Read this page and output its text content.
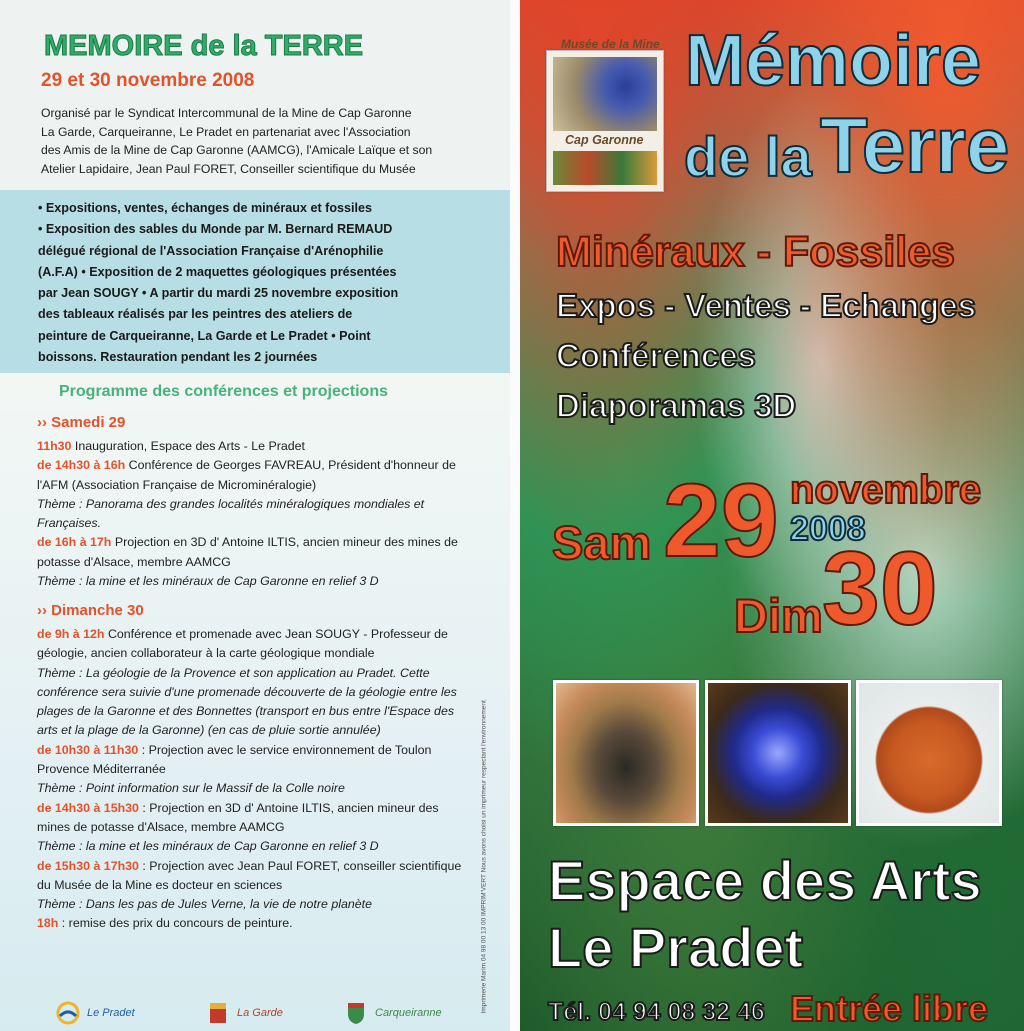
MEMOIRE de la TERRE
29 et 30 novembre 2008
Organisé par le Syndicat Intercommunal de la Mine de Cap Garonne
La Garde, Carqueiranne, Le Pradet en partenariat avec l'Association
des Amis de la Mine de Cap Garonne (AAMCG), l'Amicale Laïque et son
Atelier Lapidaire, Jean Paul FORET, Conseiller scientifique du Musée
• Expositions, ventes, échanges de minéraux et fossiles
• Exposition des sables du Monde par M. Bernard REMAUD
délégué régional de l'Association Française d'Arénophilie
(A.F.A) • Exposition de 2 maquettes géologiques présentées
par Jean SOUGY • A partir du mardi 25 novembre exposition
des tableaux réalisés par les peintres des ateliers de
peinture de Carqueiranne, La Garde et Le Pradet • Point
boissons. Restauration pendant les 2 journées
Programme des conférences et projections
›› Samedi 29
11h30 Inauguration, Espace des Arts - Le Pradet
de 14h30 à 16h Conférence de Georges FAVREAU, Président d'honneur de l'AFM (Association Française de Microminéralogie)
Thème : Panorama des grandes localités minéralogiques mondiales et Françaises.
de 16h à 17h Projection en 3D d' Antoine ILTIS, ancien mineur des mines de potasse d'Alsace, membre AAMCG
Thème : la mine et les minéraux de Cap Garonne en relief 3 D
›› Dimanche 30
de 9h à 12h Conférence et promenade avec Jean SOUGY - Professeur de géologie, ancien collaborateur à la carte géologique mondiale
Thème : La géologie de la Provence et son application au Pradet. Cette conférence sera suivie d'une promenade découverte de la géologie entre les plages de la Garonne et des Bonnettes (transport en bus entre l'Espace des arts et la plage de la Garonne) (en cas de pluie sortie annulée)
de 10h30 à 11h30 : Projection avec le service environnement de Toulon Provence Méditerranée
Thème : Point information sur le Massif de la Colle noire
de 14h30 à 15h30 : Projection en 3D d' Antoine ILTIS, ancien mineur des mines de potasse d'Alsace, membre AAMCG
Thème : la mine et les minéraux de Cap Garonne en relief 3 D
de 15h30 à 17h30 : Projection avec Jean Paul FORET, conseiller scientifique du Musée de la Mine es docteur en sciences
Thème : Dans les pas de Jules Verne, la vie de notre planète
18h : remise des prix du concours de peinture.	Imprimerie Marim 04 98 00 13 00 IMPRIM'VERT Nous avons choisi un imprimeur respectant l'environnement
Le Pradet	La Garde	Carqueiranne
Musée de la Mine
Cap Garonne
Mémoire
de la Terre
Minéraux - Fossiles
Expos - Ventes - Echanges
Conférences
Diaporamas 3D
Sam 29 novembre
2008
Dim 30
Espace des Arts
Le Pradet
Tél. 04 94 08 32 46 Entrée libre
